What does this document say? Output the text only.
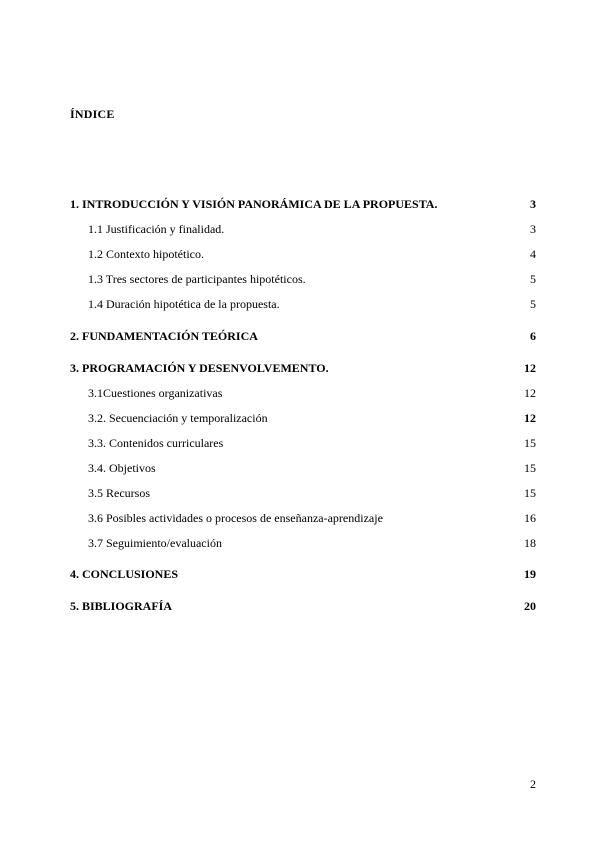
ÍNDICE
1. INTRODUCCIÓN Y VISIÓN PANORÁMICA DE LA PROPUESTA.	3
1.1 Justificación y finalidad.	3
1.2 Contexto hipotético.	4
1.3 Tres sectores de participantes hipotéticos.	5
1.4 Duración hipotética de la propuesta.	5
2. FUNDAMENTACIÓN TEÓRICA	6
3. PROGRAMACIÓN Y DESENVOLVEMENTO.	12
3.1Cuestiones organizativas	12
3.2. Secuenciación y temporalización	12
3.3. Contenidos curriculares	15
3.4. Objetivos	15
3.5 Recursos	15
3.6 Posibles actividades o procesos de enseñanza-aprendizaje	16
3.7 Seguimiento/evaluación	18
4. CONCLUSIONES	19
5. BIBLIOGRAFÍA	20
2
